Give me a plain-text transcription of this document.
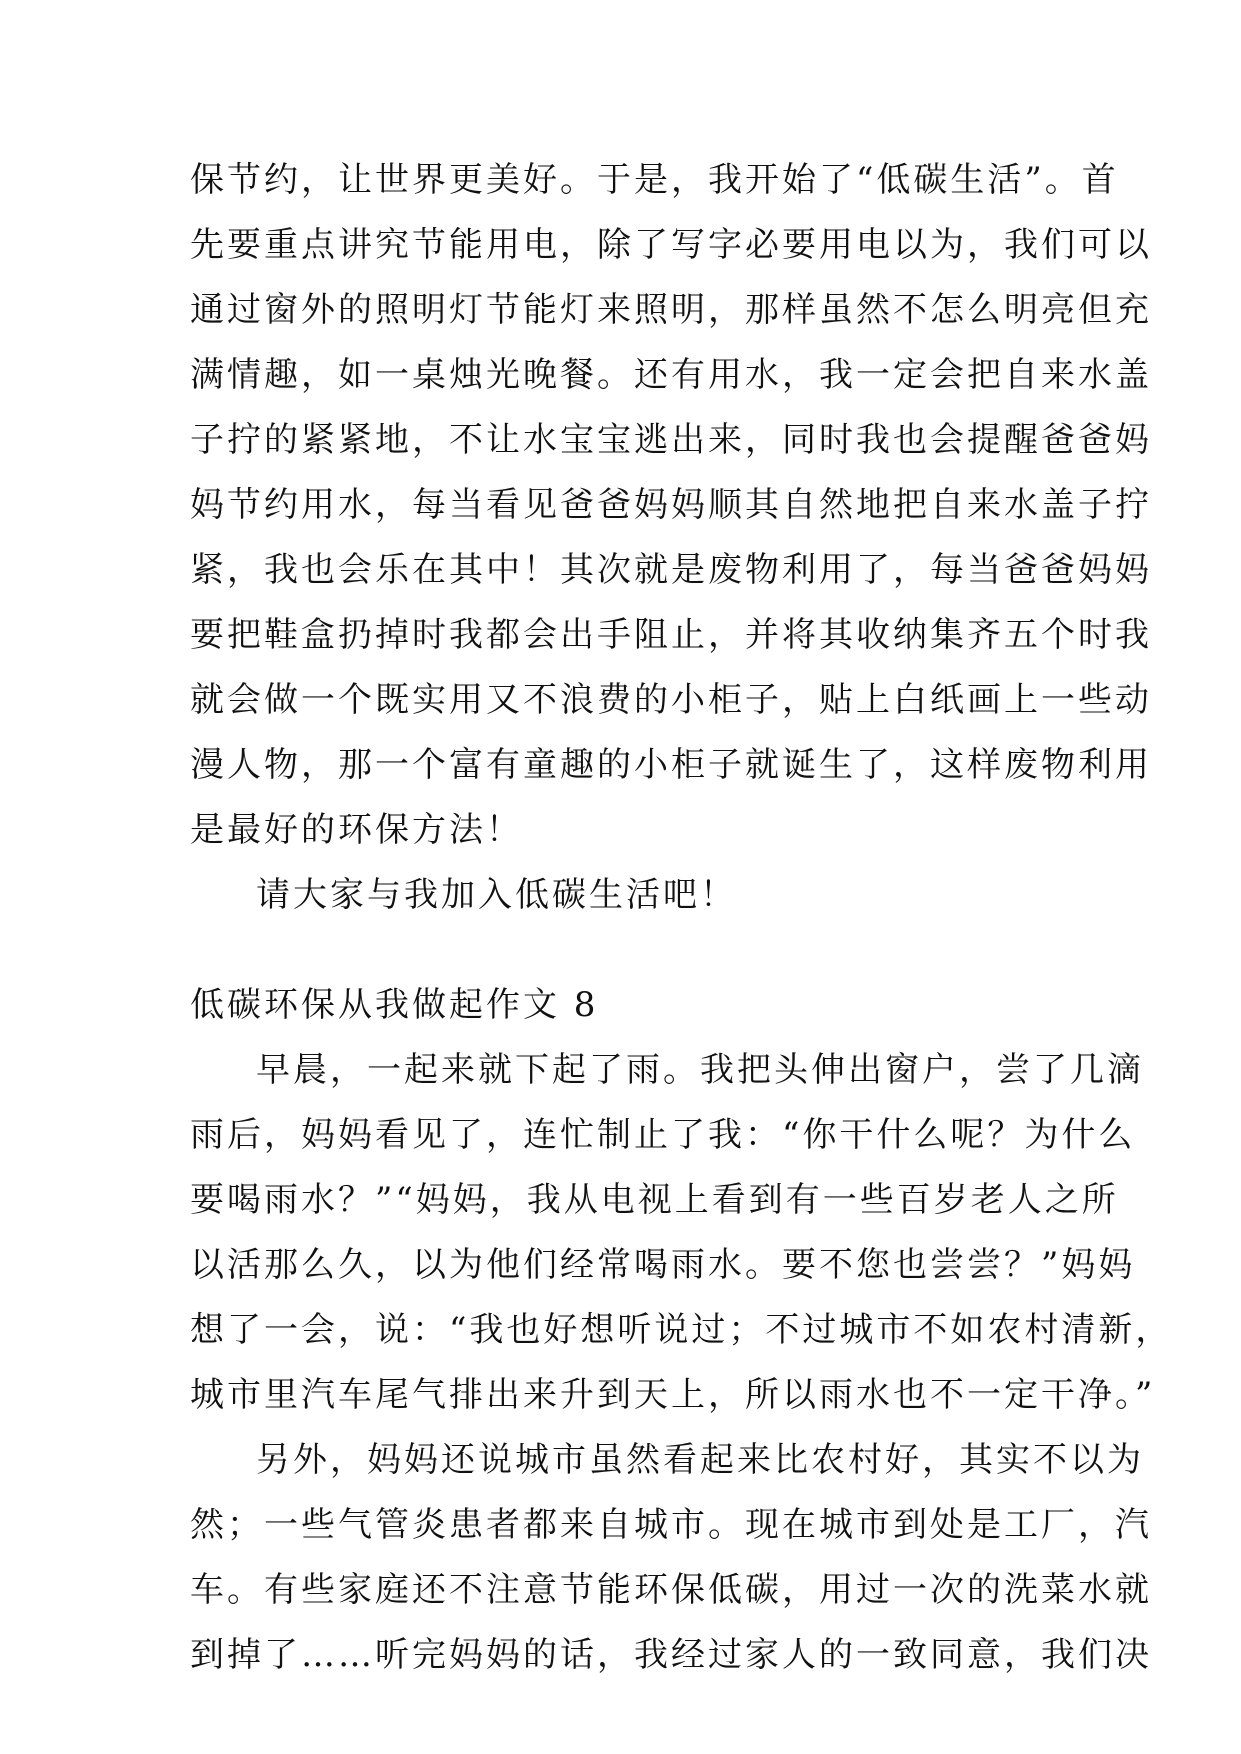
保节约，让世界更美好。于是，我开始了“低碳生活”。首
先要重点讲究节能用电，除了写字必要用电以为，我们可以
通过窗外的照明灯节能灯来照明，那样虽然不怎么明亮但充
满情趣，如一桌烛光晚餐。还有用水，我一定会把自来水盖
子拧的紧紧地，不让水宝宝逃出来，同时我也会提醒爸爸妈
妈节约用水，每当看见爸爸妈妈顺其自然地把自来水盖子拧
紧，我也会乐在其中！其次就是废物利用了，每当爸爸妈妈
要把鞋盒扔掉时我都会出手阻止，并将其收纳集齐五个时我
就会做一个既实用又不浪费的小柜子，贴上白纸画上一些动
漫人物，那一个富有童趣的小柜子就诞生了，这样废物利用
是最好的环保方法！
请大家与我加入低碳生活吧！
低碳环保从我做起作文 8
早晨，一起来就下起了雨。我把头伸出窗户，尝了几滴
雨后，妈妈看见了，连忙制止了我：“你干什么呢？为什么
要喝雨水？”“妈妈，我从电视上看到有一些百岁老人之所
以活那么久，以为他们经常喝雨水。要不您也尝尝？”妈妈
想了一会，说：“我也好想听说过；不过城市不如农村清新，
城市里汽车尾气排出来升到天上，所以雨水也不一定干净。”
另外，妈妈还说城市虽然看起来比农村好，其实不以为
然；一些气管炎患者都来自城市。现在城市到处是工厂，汽
车。有些家庭还不注意节能环保低碳，用过一次的洗菜水就
到掉了……听完妈妈的话，我经过家人的一致同意，我们决
